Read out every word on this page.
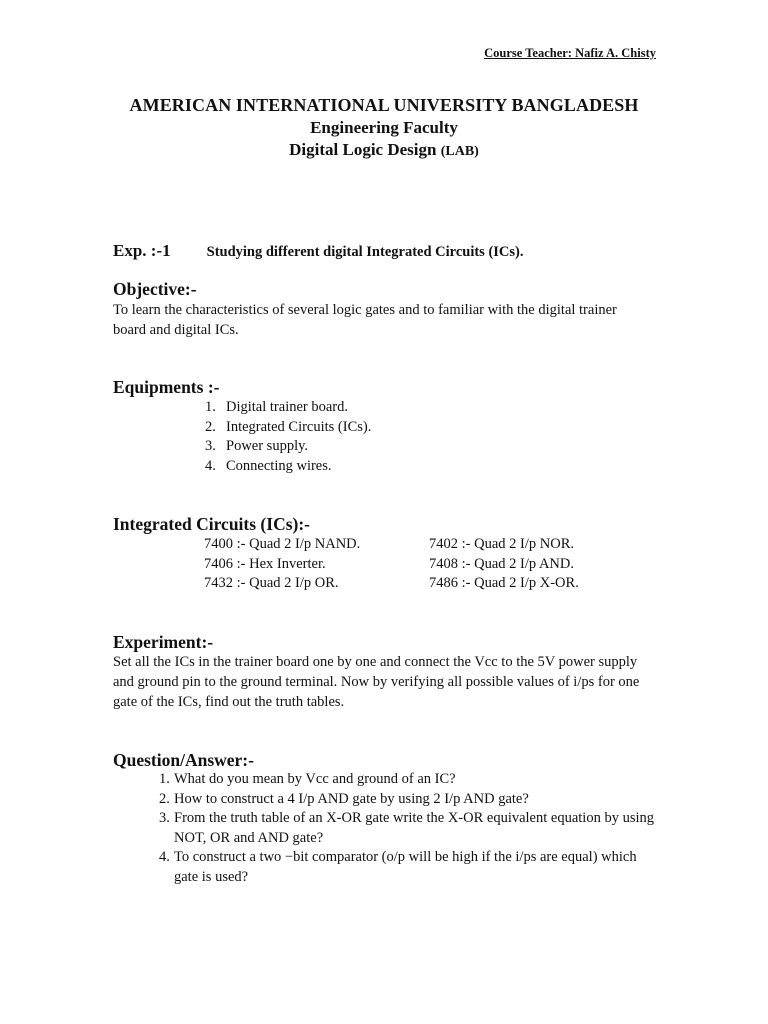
Course Teacher: Nafiz A. Chisty
AMERICAN INTERNATIONAL UNIVERSITY BANGLADESH
Engineering Faculty
Digital Logic Design (LAB)
Exp. :-1 Studying different digital Integrated Circuits (ICs).
Objective:-
To learn the characteristics of several logic gates and to familiar with the digital trainer board and digital ICs.
Equipments :-
1. Digital trainer board.
2. Integrated Circuits (ICs).
3. Power supply.
4. Connecting wires.
Integrated Circuits (ICs):-
7400 :- Quad 2 I/p NAND.	7402 :- Quad 2 I/p NOR.
7406 :- Hex Inverter.	7408 :- Quad 2 I/p AND.
7432 :- Quad 2 I/p OR.	7486 :- Quad 2 I/p X-OR.
Experiment:-
Set all the ICs in the trainer board one by one and connect the Vcc to the 5V power supply and ground pin to the ground terminal. Now by verifying all possible values of i/ps for one gate of the ICs, find out the truth tables.
Question/Answer:-
1. What do you mean by Vcc and ground of an IC?
2. How to construct a 4 I/p AND gate by using 2 I/p AND gate?
3. From the truth table of an X-OR gate write the X-OR equivalent equation by using NOT, OR and AND gate?
4. To construct a two −bit comparator (o/p will be high if the i/ps are equal) which gate is used?
